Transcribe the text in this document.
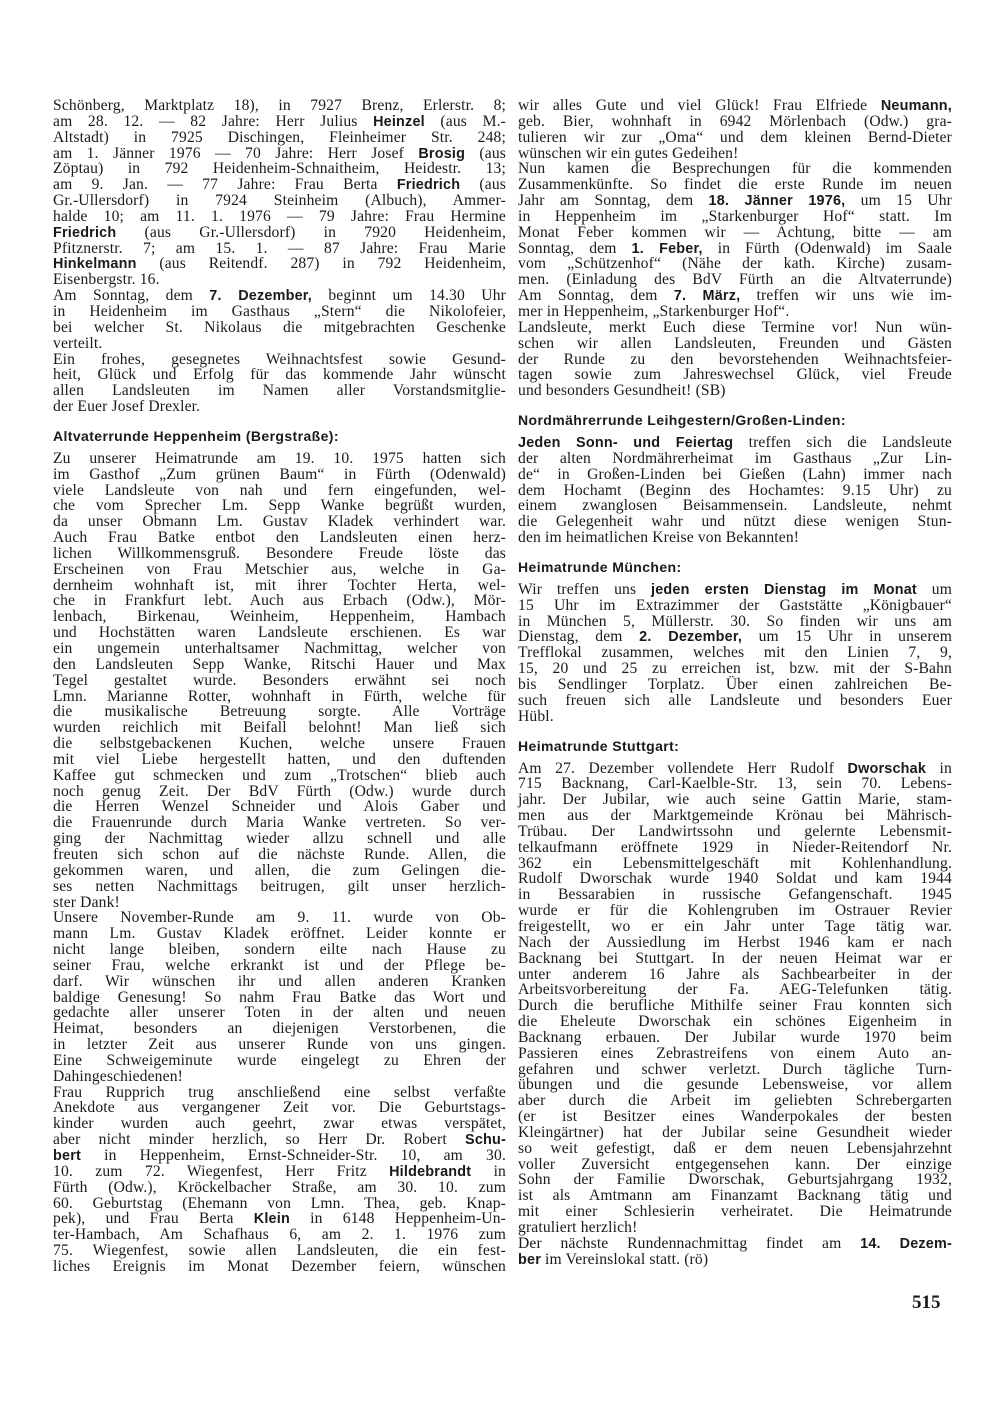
Schönberg, Marktplatz 18), in 7927 Brenz, Erlerstr. 8;
am 28. 12. — 82 Jahre: Herr Julius Heinzel (aus M.-
Altstadt) in 7925 Dischingen, Fleinheimer Str. 248;
am 1. Jänner 1976 — 70 Jahre: Herr Josef Brosig (aus
Zöptau) in 792 Heidenheim-Schnaitheim, Heidestr. 13;
am 9. Jan. — 77 Jahre: Frau Berta Friedrich (aus
Gr.-Ullersdorf) in 7924 Steinheim (Albuch), Ammer-
halde 10; am 11. 1. 1976 — 79 Jahre: Frau Hermine
Friedrich (aus Gr.-Ullersdorf) in 7920 Heidenheim,
Pfitznerstr. 7; am 15. 1. — 87 Jahre: Frau Marie
Hinkelmann (aus Reitendf. 287) in 792 Heidenheim,
Eisenbergstr. 16.
Am Sonntag, dem 7. Dezember, beginnt um 14.30 Uhr
in Heidenheim im Gasthaus „Stern“ die Nikolofeier,
bei welcher St. Nikolaus die mitgebrachten Geschenke
verteilt.
Ein frohes, gesegnetes Weihnachtsfest sowie Gesund-
heit, Glück und Erfolg für das kommende Jahr wünscht
allen Landsleuten im Namen aller Vorstandsmitglie-
der Euer Josef Drexler.
Altvaterrunde Heppenheim (Bergstraße):
Zu unserer Heimatrunde am 19. 10. 1975 hatten sich
im Gasthof „Zum grünen Baum“ in Fürth (Odenwald)
viele Landsleute von nah und fern eingefunden, wel-
che vom Sprecher Lm. Sepp Wanke begrüßt wurden,
da unser Obmann Lm. Gustav Kladek verhindert war.
Auch Frau Batke entbot den Landsleuten einen herz-
lichen Willkommensgruß. Besondere Freude löste das
Erscheinen von Frau Metschier aus, welche in Ga-
dernheim wohnhaft ist, mit ihrer Tochter Herta, wel-
che in Frankfurt lebt. Auch aus Erbach (Odw.), Mör-
lenbach, Birkenau, Weinheim, Heppenheim, Hambach
und Hochstätten waren Landsleute erschienen. Es war
ein ungemein unterhaltsamer Nachmittag, welcher von
den Landsleuten Sepp Wanke, Ritschi Hauer und Max
Tegel gestaltet wurde. Besonders erwähnt sei noch
Lmn. Marianne Rotter, wohnhaft in Fürth, welche für
die musikalische Betreuung sorgte. Alle Vorträge
wurden reichlich mit Beifall belohnt! Man ließ sich
die selbstgebackenen Kuchen, welche unsere Frauen
mit viel Liebe hergestellt hatten, und den duftenden
Kaffee gut schmecken und zum „Trotschen“ blieb auch
noch genug Zeit. Der BdV Fürth (Odw.) wurde durch
die Herren Wenzel Schneider und Alois Gaber und
die Frauenrunde durch Maria Wanke vertreten. So ver-
ging der Nachmittag wieder allzu schnell und alle
freuten sich schon auf die nächste Runde. Allen, die
gekommen waren, und allen, die zum Gelingen die-
ses netten Nachmittags beitrugen, gilt unser herzlich-
ster Dank!
Unsere November-Runde am 9. 11. wurde von Ob-
mann Lm. Gustav Kladek eröffnet. Leider konnte er
nicht lange bleiben, sondern eilte nach Hause zu
seiner Frau, welche erkrankt ist und der Pflege be-
darf. Wir wünschen ihr und allen anderen Kranken
baldige Genesung! So nahm Frau Batke das Wort und
gedachte aller unserer Toten in der alten und neuen
Heimat, besonders an diejenigen Verstorbenen, die
in letzter Zeit aus unserer Runde von uns gingen.
Eine Schweigeminute wurde eingelegt zu Ehren der
Dahingeschiedenen!
Frau Rupprich trug anschließend eine selbst verfaßte
Anekdote aus vergangener Zeit vor. Die Geburtstags-
kinder wurden auch geehrt, zwar etwas verspätet,
aber nicht minder herzlich, so Herr Dr. Robert Schu-
bert in Heppenheim, Ernst-Schneider-Str. 10, am 30.
10. zum 72. Wiegenfest, Herr Fritz Hildebrandt in
Fürth (Odw.), Kröckelbacher Straße, am 30. 10. zum
60. Geburtstag (Ehemann von Lmn. Thea, geb. Knap-
pek), und Frau Berta Klein in 6148 Heppenheim-Un-
ter-Hambach, Am Schafhaus 6, am 2. 1. 1976 zum
75. Wiegenfest, sowie allen Landsleuten, die ein fest-
liches Ereignis im Monat Dezember feiern, wünschen
wir alles Gute und viel Glück! Frau Elfriede Neumann,
geb. Bier, wohnhaft in 6942 Mörlenbach (Odw.) gra-
tulieren wir zur „Oma“ und dem kleinen Bernd-Dieter
wünschen wir ein gutes Gedeihen!
Nun kamen die Besprechungen für die kommenden
Zusammenkünfte. So findet die erste Runde im neuen
Jahr am Sonntag, dem 18. Jänner 1976, um 15 Uhr
in Heppenheim im „Starkenburger Hof“ statt. Im
Monat Feber kommen wir — Achtung, bitte — am
Sonntag, dem 1. Feber, in Fürth (Odenwald) im Saale
vom „Schützenhof“ (Nähe der kath. Kirche) zusam-
men. (Einladung des BdV Fürth an die Altvaterrunde)
Am Sonntag, dem 7. März, treffen wir uns wie im-
mer in Heppenheim, „Starkenburger Hof“.
Landsleute, merkt Euch diese Termine vor! Nun wün-
schen wir allen Landsleuten, Freunden und Gästen
der Runde zu den bevorstehenden Weihnachtsfeier-
tagen sowie zum Jahreswechsel Glück, viel Freude
und besonders Gesundheit! (SB)
Nordmährerrunde Leihgestern/Großen-Linden:
Jeden Sonn- und Feiertag treffen sich die Landsleute
der alten Nordmährerheimat im Gasthaus „Zur Lin-
de“ in Großen-Linden bei Gießen (Lahn) immer nach
dem Hochamt (Beginn des Hochamtes: 9.15 Uhr) zu
einem zwanglosen Beisammensein. Landsleute, nehmt
die Gelegenheit wahr und nützt diese wenigen Stun-
den im heimatlichen Kreise von Bekannten!
Heimatrunde München:
Wir treffen uns jeden ersten Dienstag im Monat um
15 Uhr im Extrazimmer der Gaststätte „Königbauer“
in München 5, Müllerstr. 30. So finden wir uns am
Dienstag, dem 2. Dezember, um 15 Uhr in unserem
Trefflokal zusammen, welches mit den Linien 7, 9,
15, 20 und 25 zu erreichen ist, bzw. mit der S-Bahn
bis Sendlinger Torplatz. Über einen zahlreichen Be-
such freuen sich alle Landsleute und besonders Euer
Hübl.
Heimatrunde Stuttgart:
Am 27. Dezember vollendete Herr Rudolf Dworschak in
715 Backnang, Carl-Kaelble-Str. 13, sein 70. Lebens-
jahr. Der Jubilar, wie auch seine Gattin Marie, stam-
men aus der Marktgemeinde Krönau bei Mährisch-
Trübau. Der Landwirtssohn und gelernte Lebensmit-
telkaufmann eröffnete 1929 in Nieder-Reitendorf Nr.
362 ein Lebensmittelgeschäft mit Kohlenhandlung.
Rudolf Dworschak wurde 1940 Soldat und kam 1944
in Bessarabien in russische Gefangenschaft. 1945
wurde er für die Kohlengruben im Ostrauer Revier
freigestellt, wo er ein Jahr unter Tage tätig war.
Nach der Aussiedlung im Herbst 1946 kam er nach
Backnang bei Stuttgart. In der neuen Heimat war er
unter anderem 16 Jahre als Sachbearbeiter in der
Arbeitsvorbereitung der Fa. AEG-Telefunken tätig.
Durch die berufliche Mithilfe seiner Frau konnten sich
die Eheleute Dworschak ein schönes Eigenheim in
Backnang erbauen. Der Jubilar wurde 1970 beim
Passieren eines Zebrastreifens von einem Auto an-
gefahren und schwer verletzt. Durch tägliche Turn-
übungen und die gesunde Lebensweise, vor allem
aber durch die Arbeit im geliebten Schrebergarten
(er ist Besitzer eines Wanderpokales der besten
Kleingärtner) hat der Jubilar seine Gesundheit wieder
so weit gefestigt, daß er dem neuen Lebensjahrzehnt
voller Zuversicht entgegensehen kann. Der einzige
Sohn der Familie Dworschak, Geburtsjahrgang 1932,
ist als Amtmann am Finanzamt Backnang tätig und
mit einer Schlesierin verheiratet. Die Heimatrunde
gratuliert herzlich!
Der nächste Rundennachmittag findet am 14. Dezem-
ber im Vereinslokal statt. (rö)
515
